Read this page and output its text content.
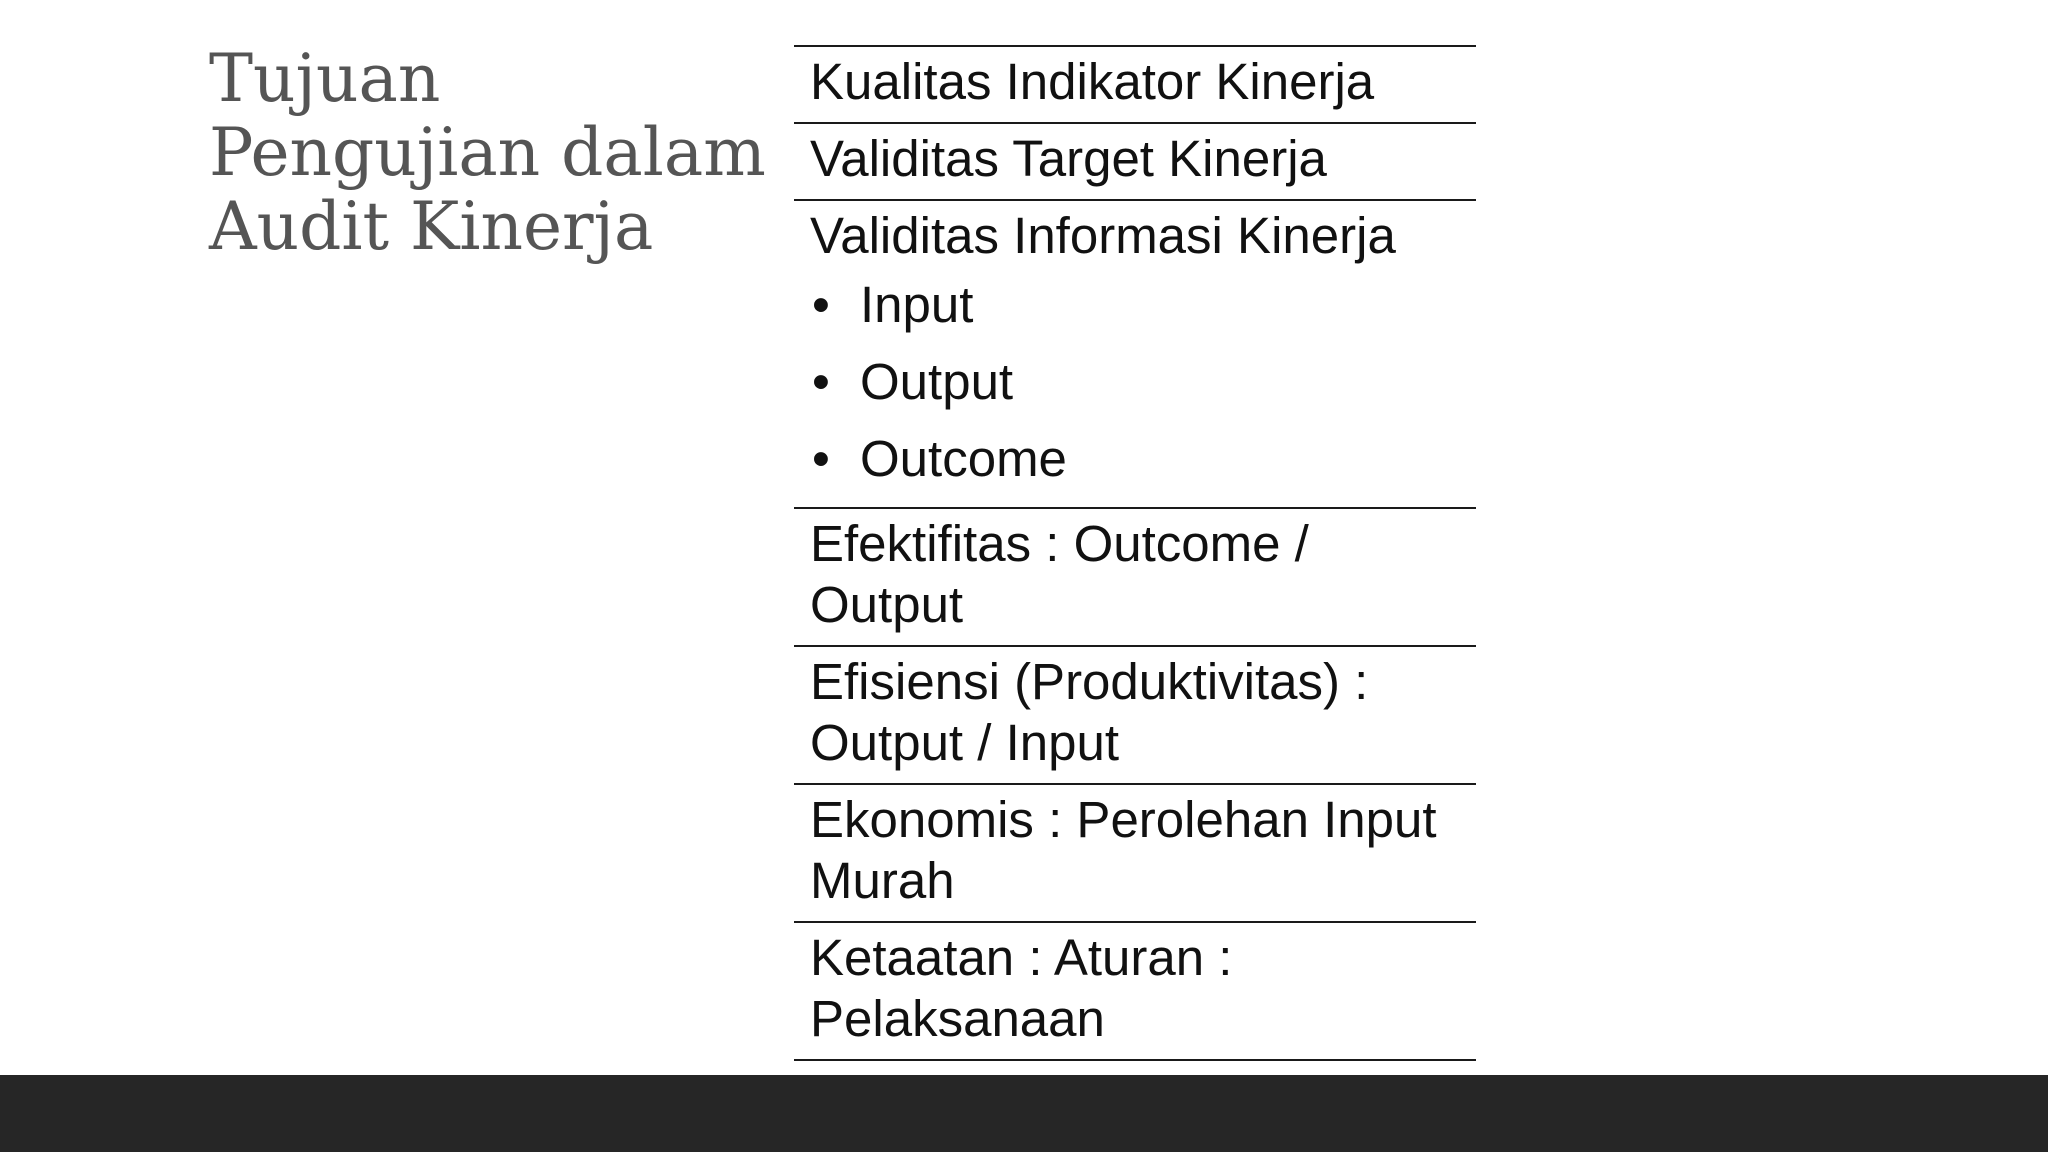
Tujuan
Pengujian dalam
Audit Kinerja
Kualitas Indikator Kinerja
Validitas Target Kinerja
Validitas Informasi Kinerja
• Input
• Output
• Outcome
Efektifitas : Outcome / Output
Efisiensi (Produktivitas) : Output / Input
Ekonomis : Perolehan Input Murah
Ketaatan : Aturan : Pelaksanaan
